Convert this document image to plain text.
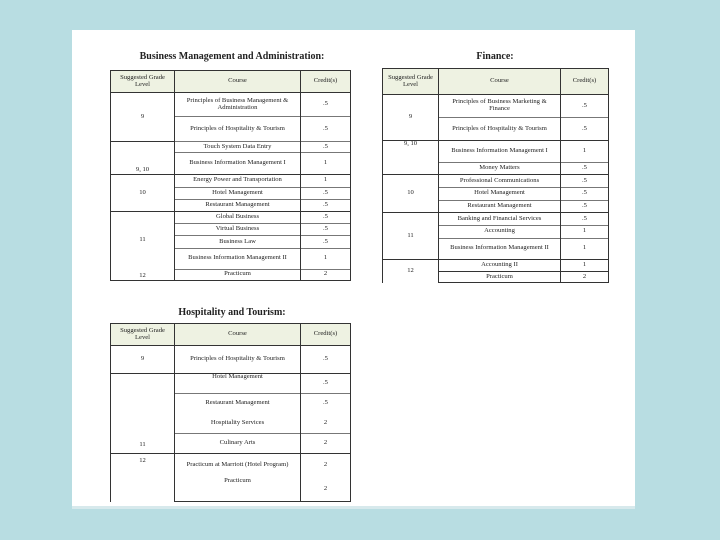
Business Management and Administration:
Suggested Grade Level	Course	Credit(s)
9	Principles of Business Management & Administration	.5
	Principles of Hospitality & Tourism	.5
9, 10	Touch System Data Entry	.5
	Business Information Management I	1
10	Energy Power and Transportation	1
	Hotel Management	.5
	Restaurant Management	.5
11	Global Business	.5
	Virtual Business	.5
	Business Law	.5
	Business Information Management II	1
12	Practicum	2
Finance:
Suggested Grade Level	Course	Credit(s)
9	Principles of Business Marketing & Finance	.5
	Principles of Hospitality & Tourism	.5
9, 10	Business Information Management I	1
	Money Matters	.5
10	Professional Communications	.5
	Hotel Management	.5
	Restaurant Management	.5
11	Banking and Financial Services	.5
	Accounting	1
	Business Information Management II	1
12	Accounting II	1
	Practicum	2
Hospitality and Tourism:
Suggested Grade Level	Course	Credit(s)
9	Principles of Hospitality & Tourism	.5
11	Hotel Management	.5
	Restaurant Management	.5
	Hospitality Services	2
	Culinary Arts	2
12	Practicum at Marriott (Hotel Program)	2
	Practicum	2
